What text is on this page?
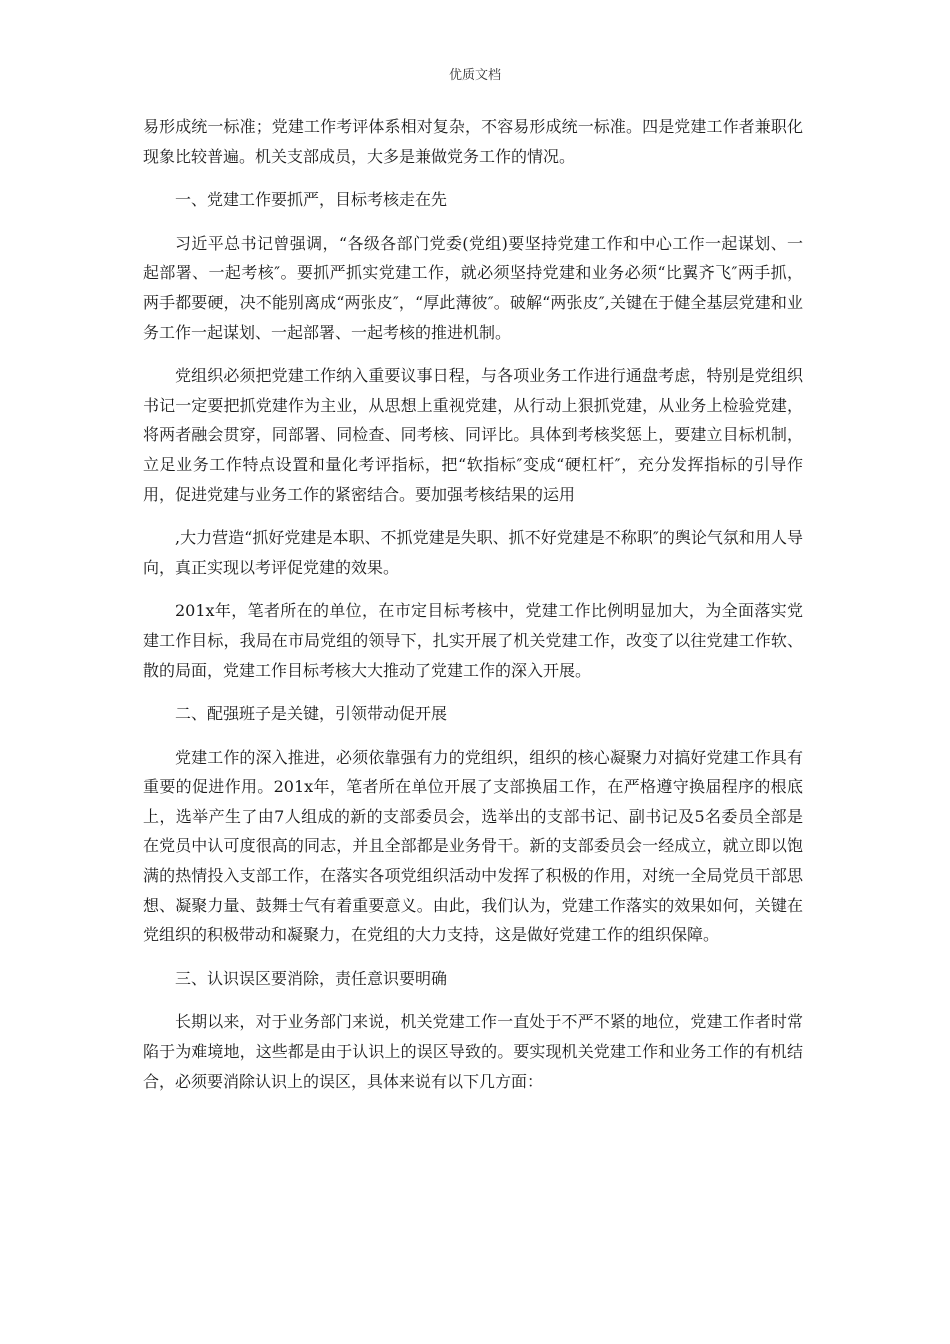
优质文档

易形成统一标准；党建工作考评体系相对复杂，不容易形成统一标准。四是党建工作者兼职化现象比较普遍。机关支部成员，大多是兼做党务工作的情况。

一、党建工作要抓严，目标考核走在先

习近平总书记曾强调，“各级各部门党委(党组)要坚持党建工作和中心工作一起谋划、一起部署、一起考核″。要抓严抓实党建工作，就必须坚持党建和业务必须“比翼齐飞″两手抓，两手都要硬，决不能别离成“两张皮″，“厚此薄彼″。破解“两张皮″,关键在于健全基层党建和业务工作一起谋划、一起部署、一起考核的推进机制。

党组织必须把党建工作纳入重要议事日程，与各项业务工作进行通盘考虑，特别是党组织书记一定要把抓党建作为主业，从思想上重视党建，从行动上狠抓党建，从业务上检验党建，将两者融会贯穿，同部署、同检查、同考核、同评比。具体到考核奖惩上，要建立目标机制，立足业务工作特点设置和量化考评指标，把“软指标″变成“硬杠杆″，充分发挥指标的引导作用，促进党建与业务工作的紧密结合。要加强考核结果的运用

,大力营造“抓好党建是本职、不抓党建是失职、抓不好党建是不称职″的舆论气氛和用人导向，真正实现以考评促党建的效果。

201x年，笔者所在的单位，在市定目标考核中，党建工作比例明显加大，为全面落实党建工作目标，我局在市局党组的领导下，扎实开展了机关党建工作，改变了以往党建工作软、散的局面，党建工作目标考核大大推动了党建工作的深入开展。

二、配强班子是关键，引领带动促开展

党建工作的深入推进，必须依靠强有力的党组织，组织的核心凝聚力对搞好党建工作具有重要的促进作用。201x年，笔者所在单位开展了支部换届工作，在严格遵守换届程序的根底上，选举产生了由7人组成的新的支部委员会，选举出的支部书记、副书记及5名委员全部是在党员中认可度很高的同志，并且全部都是业务骨干。新的支部委员会一经成立，就立即以饱满的热情投入支部工作，在落实各项党组织活动中发挥了积极的作用，对统一全局党员干部思想、凝聚力量、鼓舞士气有着重要意义。由此，我们认为，党建工作落实的效果如何，关键在党组织的积极带动和凝聚力，在党组的大力支持，这是做好党建工作的组织保障。

三、认识误区要消除，责任意识要明确

长期以来，对于业务部门来说，机关党建工作一直处于不严不紧的地位，党建工作者时常陷于为难境地，这些都是由于认识上的误区导致的。要实现机关党建工作和业务工作的有机结合，必须要消除认识上的误区，具体来说有以下几方面：
